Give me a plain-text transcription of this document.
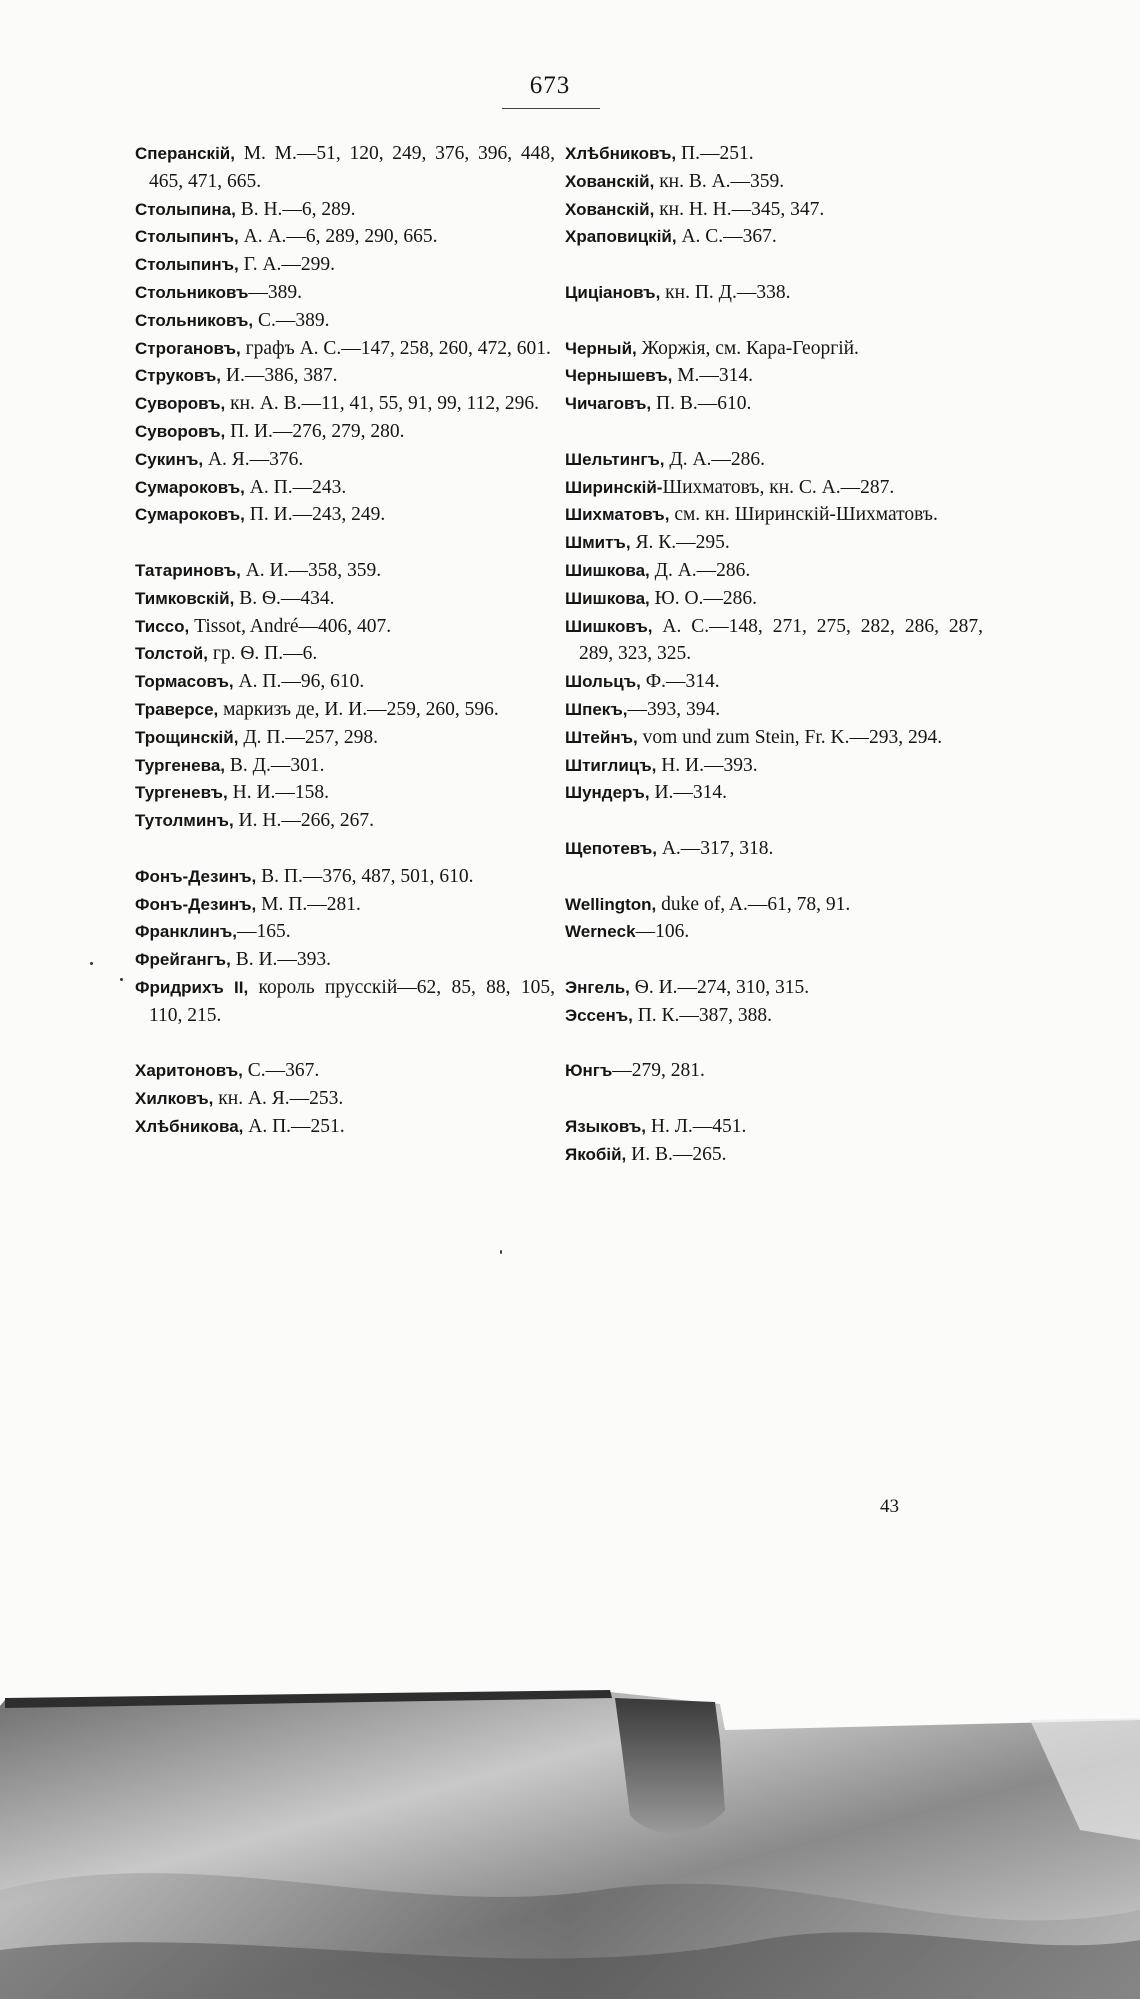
673

Сперанскій, М. М.—51, 120, 249, 376, 396, 448, 465, 471, 665.

Столыпина, В. Н.—6, 289.

Столыпинъ, А. А.—6, 289, 290, 665.

Столыпинъ, Г. А.—299.

Стольниковъ—389.

Стольниковъ, С.—389.

Строгановъ, графъ А. С.—147, 258, 260, 472, 601.

Струковъ, И.—386, 387.

Суворовъ, кн. А. В.—11, 41, 55, 91, 99, 112, 296.

Суворовъ, П. И.—276, 279, 280.

Сукинъ, А. Я.—376.

Сумароковъ, А. П.—243.

Сумароковъ, П. И.—243, 249.

Татариновъ, А. И.—358, 359.

Тимковскій, В. Ѳ.—434.

Тиссо, Tissot, André—406, 407.

Толстой, гр. Ѳ. П.—6.

Тормасовъ, А. П.—96, 610.

Траверсе, маркизъ де, И. И.—259, 260, 596.

Трощинскій, Д. П.—257, 298.

Тургенева, В. Д.—301.

Тургеневъ, Н. И.—158.

Тутолминъ, И. Н.—266, 267.

Фонъ-Дезинъ, В. П.—376, 487, 501, 610.

Фонъ-Дезинъ, М. П.—281.

Франклинъ,—165.

Фрейгангъ, В. И.—393.

Фридрихъ II, король прусскій—62, 85, 88, 105, 110, 215.

Харитоновъ, С.—367.

Хилковъ, кн. А. Я.—253.

Хлѣбникова, А. П.—251.

Хлѣбниковъ, П.—251.

Хованскій, кн. В. А.—359.

Хованскій, кн. Н. Н.—345, 347.

Храповицкій, А. С.—367.

Цицiановъ, кн. П. Д.—338.

Черный, Жоржія, см. Кара-Георгій.

Чернышевъ, М.—314.

Чичаговъ, П. В.—610.

Шельтингъ, Д. А.—286.

Ширинскій-Шихматовъ, кн. С. А.—287.

Шихматовъ, см. кн. Ширинскій-Шихматовъ.

Шмитъ, Я. К.—295.

Шишкова, Д. А.—286.

Шишкова, Ю. О.—286.

Шишковъ, А. С.—148, 271, 275, 282, 286, 287, 289, 323, 325.

Шольцъ, Ф.—314.

Шпекъ,—393, 394.

Штейнъ, vom und zum Stein, Fr. K.—293, 294.

Штиглицъ, Н. И.—393.

Шундеръ, И.—314.

Щепотевъ, А.—317, 318.

Wellington, duke of, A.—61, 78, 91.

Werneck—106.

Энгель, Ѳ. И.—274, 310, 315.

Эссенъ, П. К.—387, 388.

Юнгъ—279, 281.

Языковъ, Н. Л.—451.

Якобій, И. В.—265.

43
